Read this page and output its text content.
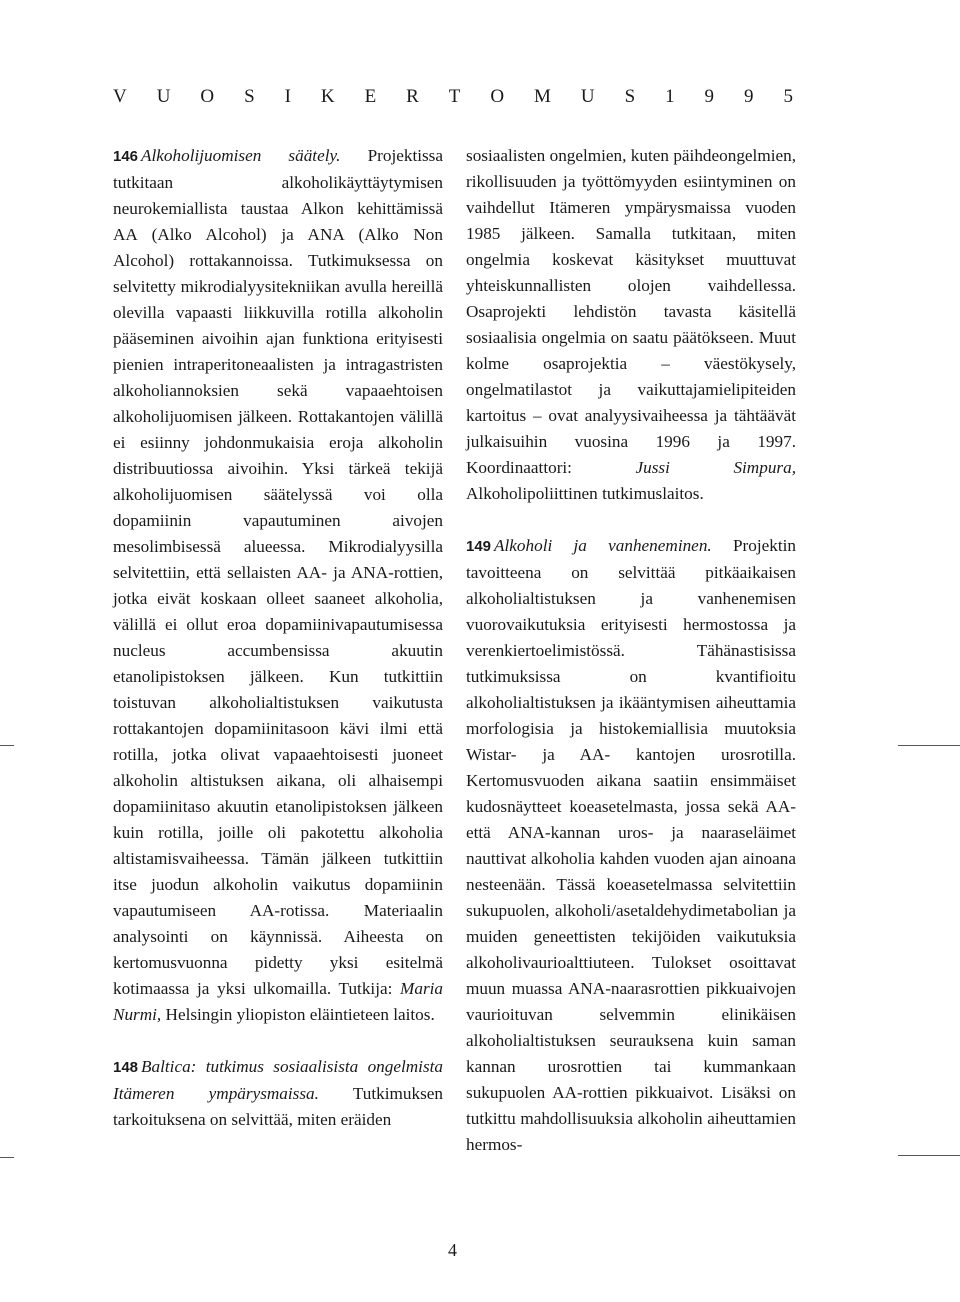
V U O S I K E R T O M U S 1 9 9 5

146 Alkoholijuomisen säätely. Projektissa tutkitaan alkoholikäyttäytymisen neurokemiallista taustaa Alkon kehittämissä AA (Alko Alcohol) ja ANA (Alko Non Alcohol) rottakannoissa. Tutkimuksessa on selvitetty mikrodialyysitekniikan avulla hereillä olevilla vapaasti liikkuvilla rotilla alkoholin pääseminen aivoihin ajan funktiona erityisesti pienien intraperitoneaalisten ja intragastristen alkoholiannoksien sekä vapaaehtoisen alkoholijuomisen jälkeen. Rottakantojen välillä ei esiinny johdonmukaisia eroja alkoholin distribuutiossa aivoihin. Yksi tärkeä tekijä alkoholijuomisen säätelyssä voi olla dopamiinin vapautuminen aivojen mesolimbisessä alueessa. Mikrodialyysilla selvitettiin, että sellaisten AA- ja ANA-rottien, jotka eivät koskaan olleet saaneet alkoholia, välillä ei ollut eroa dopamiinivapautumisessa nucleus accumbensissa akuutin etanolipistoksen jälkeen. Kun tutkittiin toistuvan alkoholialtistuksen vaikutusta rottakantojen dopamiinitasoon kävi ilmi että rotilla, jotka olivat vapaaehtoisesti juoneet alkoholin altistuksen aikana, oli alhaisempi dopamiinitaso akuutin etanolipistoksen jälkeen kuin rotilla, joille oli pakotettu alkoholia altistamisvaiheessa. Tämän jälkeen tutkittiin itse juodun alkoholin vaikutus dopamiinin vapautumiseen AA-rotissa. Materiaalin analysointi on käynnissä. Aiheesta on kertomusvuonna pidetty yksi esitelmä kotimaassa ja yksi ulkomailla. Tutkija: Maria Nurmi, Helsingin yliopiston eläintieteen laitos.

148 Baltica: tutkimus sosiaalisista ongelmista Itämeren ympärysmaissa. Tutkimuksen tarkoituksena on selvittää, miten eräiden

sosiaalisten ongelmien, kuten päihdeongelmien, rikollisuuden ja työttömyyden esiintyminen on vaihdellut Itämeren ympärysmaissa vuoden 1985 jälkeen. Samalla tutkitaan, miten ongelmia koskevat käsitykset muuttuvat yhteiskunnallisten olojen vaihdellessa. Osaprojekti lehdistön tavasta käsitellä sosiaalisia ongelmia on saatu päätökseen. Muut kolme osaprojektia – väestökysely, ongelmatilastot ja vaikuttajamielipiteiden kartoitus – ovat analyysivaiheessa ja tähtäävät julkaisuihin vuosina 1996 ja 1997. Koordinaattori: Jussi Simpura, Alkoholipoliittinen tutkimuslaitos.

149 Alkoholi ja vanheneminen. Projektin tavoitteena on selvittää pitkäaikaisen alkoholialtistuksen ja vanhenemisen vuorovaikutuksia erityisesti hermostossa ja verenkiertoelimistössä. Tähänastisissa tutkimuksissa on kvantifioitu alkoholialtistuksen ja ikääntymisen aiheuttamia morfologisia ja histokemiallisia muutoksia Wistar- ja AA- kantojen urosrotilla. Kertomusvuoden aikana saatiin ensimmäiset kudosnäytteet koeasetelmasta, jossa sekä AA- että ANA-kannan uros- ja naaraseläimet nauttivat alkoholia kahden vuoden ajan ainoana nesteenään. Tässä koeasetelmassa selvitettiin sukupuolen, alkoholi/asetaldehydimetabolian ja muiden geneettisten tekijöiden vaikutuksia alkoholivaurioalttiuteen. Tulokset osoittavat muun muassa ANA-naarasrottien pikkuaivojen vaurioituvan selvemmin elinikäisen alkoholialtistuksen seurauksena kuin saman kannan urosrottien tai kummankaan sukupuolen AA-rottien pikkuaivot. Lisäksi on tutkittu mahdollisuuksia alkoholin aiheuttamien hermos-

4
